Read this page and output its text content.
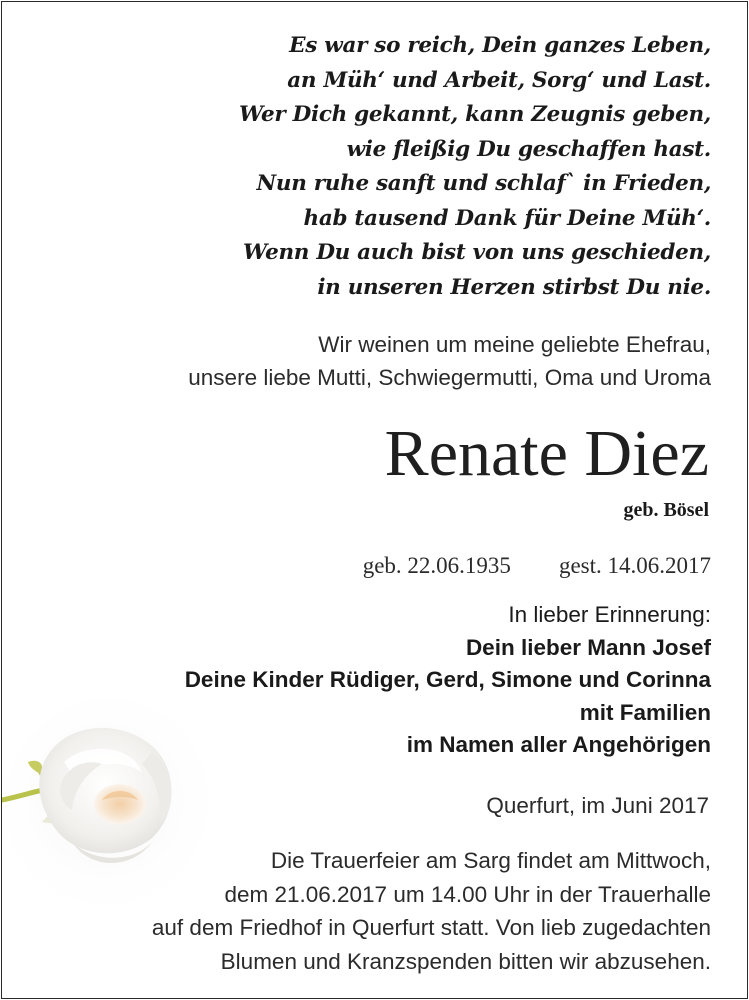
Es war so reich, Dein ganzes Leben,
an Müh‘ und Arbeit, Sorg‘ und Last.
Wer Dich gekannt, kann Zeugnis geben,
wie fleißig Du geschaffen hast.
Nun ruhe sanft und schlaf` in Frieden,
hab tausend Dank für Deine Müh‘.
Wenn Du auch bist von uns geschieden,
in unseren Herzen stirbst Du nie.
Wir weinen um meine geliebte Ehefrau,
unsere liebe Mutti, Schwiegermutti, Oma und Uroma
Renate Diez
geb. Bösel
geb. 22.06.1935 gest. 14.06.2017
In lieber Erinnerung:
Dein lieber Mann Josef
Deine Kinder Rüdiger, Gerd, Simone und Corinna
mit Familien
im Namen aller Angehörigen
Querfurt, im Juni 2017
Die Trauerfeier am Sarg findet am Mittwoch,
dem 21.06.2017 um 14.00 Uhr in der Trauerhalle
auf dem Friedhof in Querfurt statt. Von lieb zugedachten
Blumen und Kranzspenden bitten wir abzusehen.
